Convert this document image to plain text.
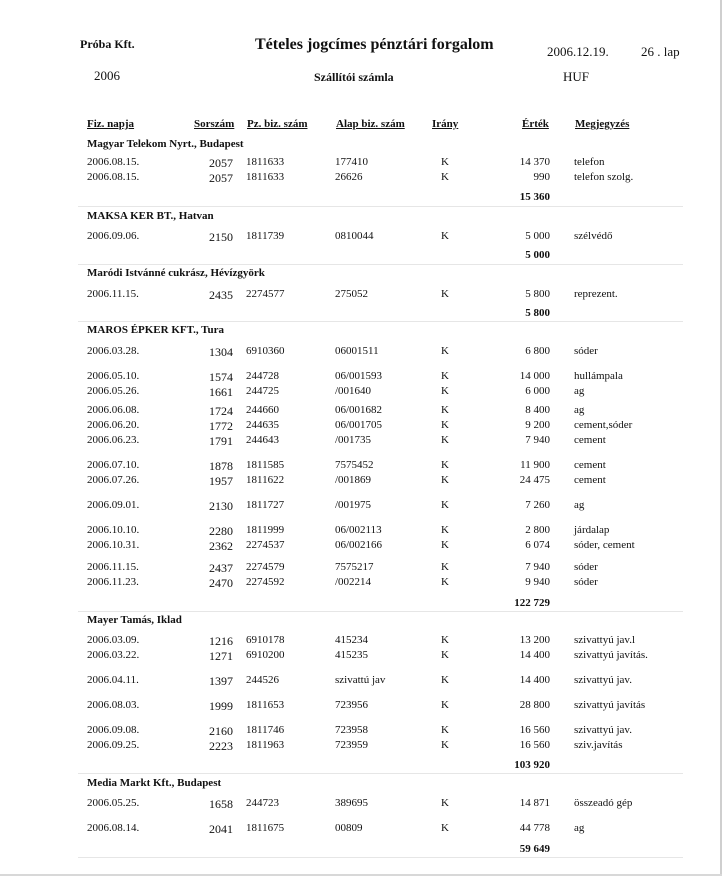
Próba Kft.	Tételes jogcímes pénztári forgalom	2006.12.19. 26 . lap
2006	Szállítói számla	HUF
Fiz. napja	Sorszám Pz. biz. szám	Alap biz. szám Irány	Érték Megjegyzés
Magyar Telekom Nyrt., Budapest
2006.08.15.	2057 1811633	177410	K	14 370 telefon
2006.08.15.	2057 1811633	26626	K	990 telefon szolg.
15 360
MAKSA KER BT., Hatvan
2006.09.06.	2150 1811739	0810044	K	5 000 szélvédő
5 000
Maródi Istvánné cukrász, Hévízgyörk
2006.11.15.	2435 2274577	275052	K	5 800 reprezent.
5 800
MAROS ÉPKER KFT., Tura
2006.03.28.	1304 6910360	06001511	K	6 800 sóder
2006.05.10.	1574 244728	06/001593	K	14 000 hullámpala
2006.05.26.	1661 244725	/001640	K	6 000 ag
2006.06.08.	1724 244660	06/001682	K	8 400 ag
2006.06.20.	1772 244635	06/001705	K	9 200 cement,sóder
2006.06.23.	1791 244643	/001735	K	7 940 cement
2006.07.10.	1878 1811585	7575452	K	11 900 cement
2006.07.26.	1957 1811622	/001869	K	24 475 cement
2006.09.01.	2130 1811727	/001975	K	7 260 ag
2006.10.10.	2280 1811999	06/002113	K	2 800 járdalap
2006.10.31.	2362 2274537	06/002166	K	6 074 sóder, cement
2006.11.15.	2437 2274579	7575217	K	7 940 sóder
2006.11.23.	2470 2274592	/002214	K	9 940 sóder
122 729
Mayer Tamás, Iklad
2006.03.09.	1216 6910178	415234	K	13 200 szivattyú jav.l
2006.03.22.	1271 6910200	415235	K	14 400 szivattyú javítás.
2006.04.11.	1397 244526	szivattú jav	K	14 400 szivattyú jav.
2006.08.03.	1999 1811653	723956	K	28 800 szivattyú javítás
2006.09.08.	2160 1811746	723958	K	16 560 szivattyú jav.
2006.09.25.	2223 1811963	723959	K	16 560 sziv.javítás
103 920
Media Markt Kft., Budapest
2006.05.25.	1658 244723	389695	K	14 871 összeadó gép
2006.08.14.	2041 1811675	00809	K	44 778 ag
59 649
